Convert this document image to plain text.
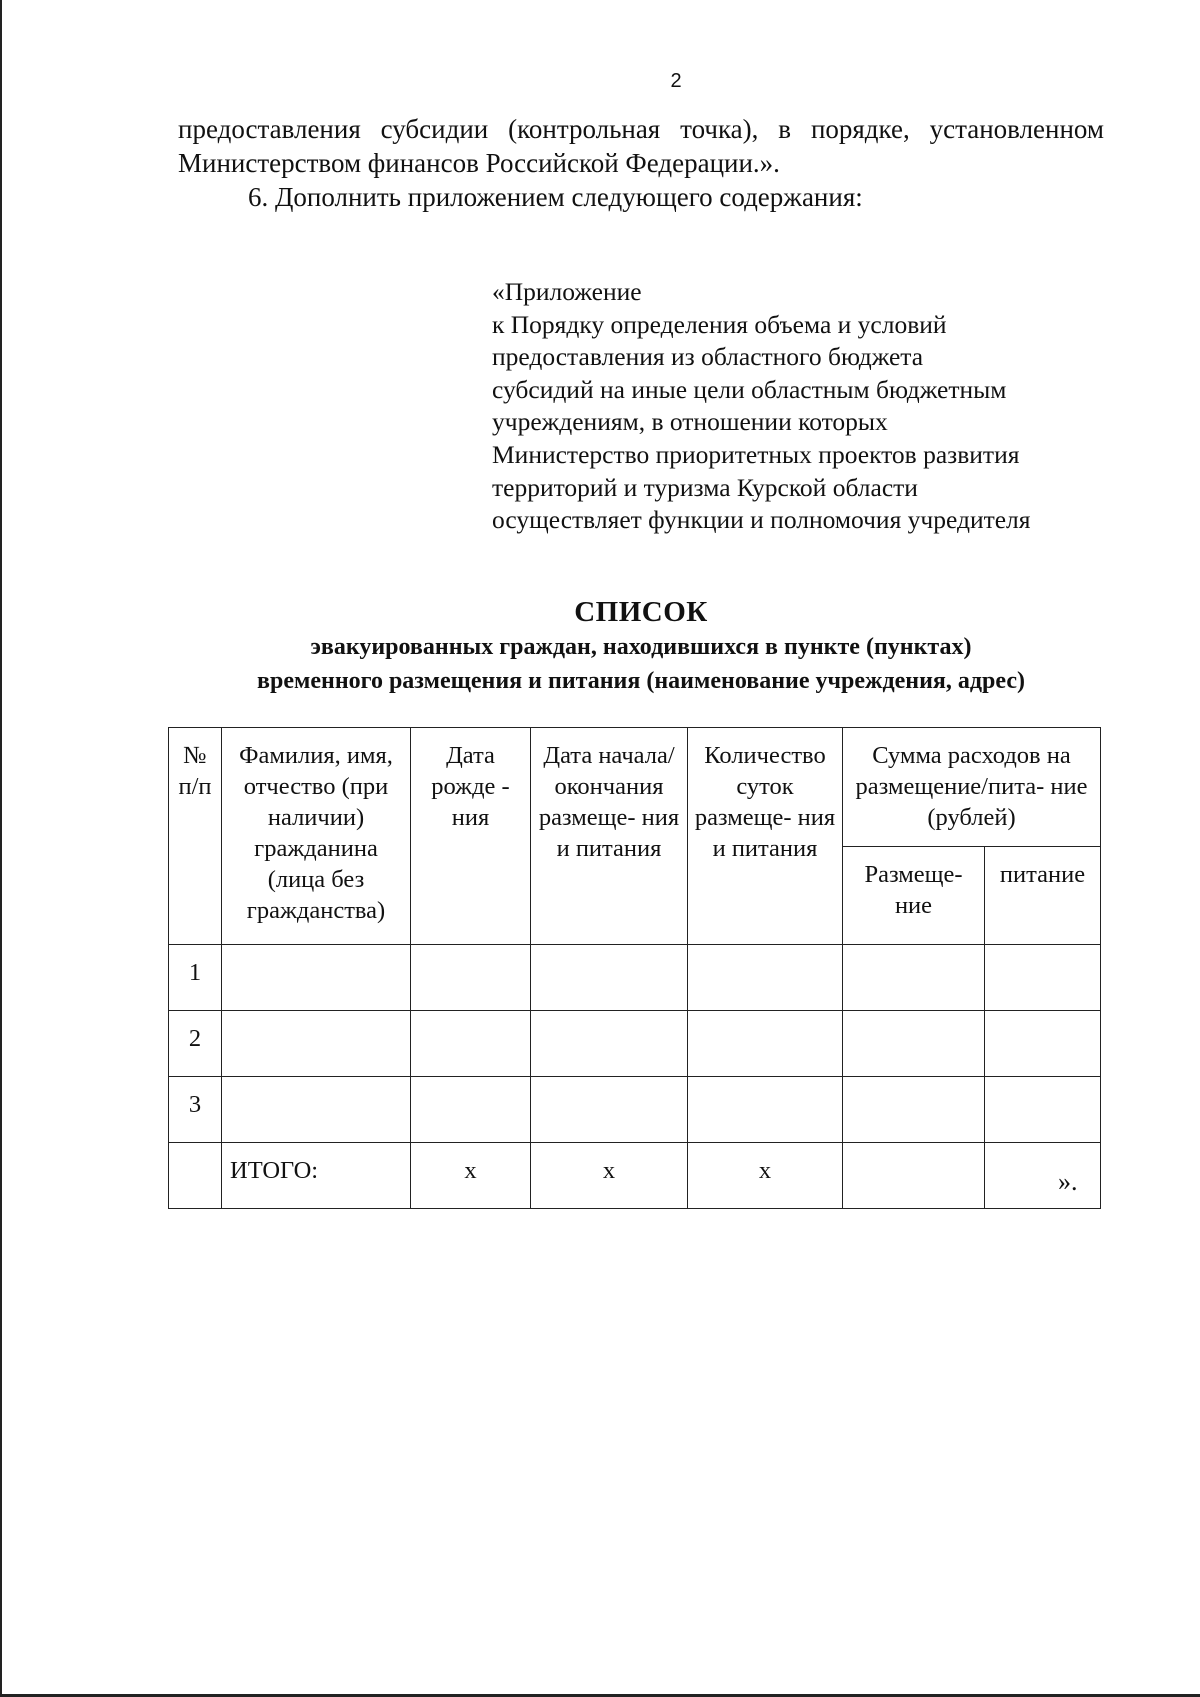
2
предоставления субсидии (контрольная точка), в порядке, установленном Министерством финансов Российской Федерации.».
6. Дополнить приложением следующего содержания:
«Приложение
к Порядку определения объема и условий
предоставления из областного бюджета
субсидий на иные цели областным бюджетным
учреждениям, в отношении которых
Министерство приоритетных проектов развития
территорий и туризма Курской области
осуществляет функции и полномочия учредителя
СПИСОК
эвакуированных граждан, находившихся в пункте (пунктах)
временного размещения и питания (наименование учреждения, адрес)
№ п/п	Фамилия, имя, отчество (при наличии) гражданина (лица без гражданства)	Дата рожде - ния	Дата начала/ окончания размеще- ния и питания	Количество суток размеще- ния и питания	Сумма расходов на размещение/пита- ние (рублей)	
					Размеще- ние	питание
1						
2						
3						
	ИТОГО:	х	х	х			».
